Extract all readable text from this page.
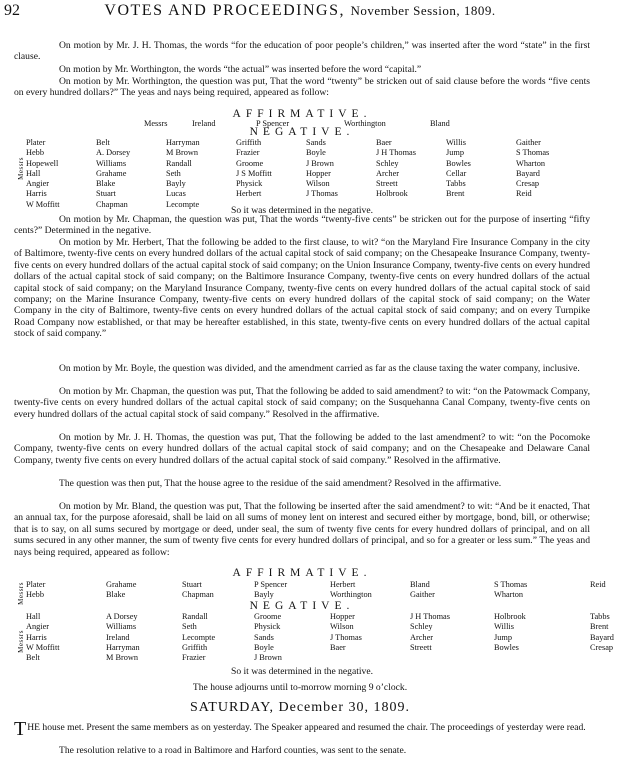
92	VOTES AND PROCEEDINGS, November Session, 1809.
On motion by Mr. J. H. Thomas, the words “for the education of poor people’s children,” was inserted after the word “state” in the first clause.
On motion by Mr. Worthington, the words “the actual” was inserted before the word “capital.”
On motion by Mr. Worthington, the question was put, That the word “twenty” be stricken out of said clause before the words “five cents on every hundred dollars?” The yeas and nays being required, appeared as follow:
AFFIRMATIVE.
Messrs	Ireland	P Spencer	Worthington	Bland
NEGATIVE.
Messrs
Plater	Belt	Harryman	Griffith	Sands	Baer	Willis	Gaither
Hebb	A. Dorsey	M Brown	Frazier	Boyle	J H Thomas	Jump	S Thomas
Hopewell	Williams	Randall	Groome	J Brown	Schley	Bowles	Wharton
Hall	Grahame	Seth	J S Moffitt	Hopper	Archer	Cellar	Bayard
Angier	Blake	Bayly	Physick	Wilson	Streett	Tabbs	Cresap
Harris	Stuart	Lucas	Herbert	J Thomas	Holbrook	Brent	Reid
W Moffitt	Chapman	Lecompte
So it was determined in the negative.
On motion by Mr. Chapman, the question was put, That the words “twenty-five cents” be stricken out for the purpose of inserting “fifty cents?” Determined in the negative.
On motion by Mr. Herbert, That the following be added to the first clause, to wit? “on the Maryland Fire Insurance Company in the city of Baltimore, twenty-five cents on every hundred dollars of the actual capital stock of said company; on the Chesapeake Insurance Company, twenty-five cents on every hundred dollars of the actual capital stock of said company; on the Union Insurance Company, twenty-five cents on every hundred dollars of the actual capital stock of said company; on the Baltimore Insurance Company, twenty-five cents on every hundred dollars of the actual capital stock of said company; on the Maryland Insurance Company, twenty-five cents on every hundred dollars of the actual capital stock of said company; on the Marine Insurance Company, twenty-five cents on every hundred dollars of the capital stock of said company; on the Water Company in the city of Baltimore, twenty-five cents on every hundred dollars of the actual capital stock of said company; and on every Turnpike Road Company now established, or that may be hereafter established, in this state, twenty-five cents on every hundred dollars of the actual capital stock of said company.”
On motion by Mr. Boyle, the question was divided, and the amendment carried as far as the clause taxing the water company, inclusive.
On motion by Mr. Chapman, the question was put, That the following be added to said amendment? to wit: “on the Patowmack Company, twenty-five cents on every hundred dollars of the actual capital stock of said company; on the Susquehanna Canal Company, twenty-five cents on every hundred dollars of the actual capital stock of said company.” Resolved in the affirmative.
On motion by Mr. J. H. Thomas, the question was put, That the following be added to the last amendment? to wit: “on the Pocomoke Company, twenty-five cents on every hundred dollars of the actual capital stock of said company; and on the Chesapeake and Delaware Canal Company, twenty five cents on every hundred dollars of the actual capital stock of said company.” Resolved in the affirmative.
The question was then put, That the house agree to the residue of the said amendment? Resolved in the affirmative.
On motion by Mr. Bland, the question was put, That the following be inserted after the said amendment? to wit: “And be it enacted, That an annual tax, for the purpose aforesaid, shall be laid on all sums of money lent on interest and secured either by mortgage, bond, bill, or otherwise; that is to say, on all sums secured by mortgage or deed, under seal, the sum of twenty five cents for every hundred dollars of principal, and on all sums secured in any other manner, the sum of twenty five cents for every hundred dollars of principal, and so for a greater or less sum.” The yeas and nays being required, appeared as follow:
AFFIRMATIVE.
Messrs Plater	Grahame	Stuart	P Spencer	Herbert	Bland	S Thomas	Reid
Hebb	Blake	Chapman	Bayly	Worthington	Gaither	Wharton
NEGATIVE.
Messrs
Hall	A Dorsey	Randall	Groome	Hopper	J H Thomas	Holbrook	Tabbs
Angier	Williams	Seth	Physick	Wilson	Schley	Willis	Brent
Harris	Ireland	Lecompte	Sands	J Thomas	Archer	Jump	Bayard
W Moffitt	Harryman	Griffith	Boyle	Baer	Streett	Bowles	Cresap
Belt	M Brown	Frazier	J Brown
So it was determined in the negative.
The house adjourns until to-morrow morning 9 o’clock.
SATURDAY, December 30, 1809.
THE house met. Present the same members as on yesterday. The Speaker appeared and resumed the chair. The proceedings of yesterday were read.
The resolution relative to a road in Baltimore and Harford counties, was sent to the senate.
